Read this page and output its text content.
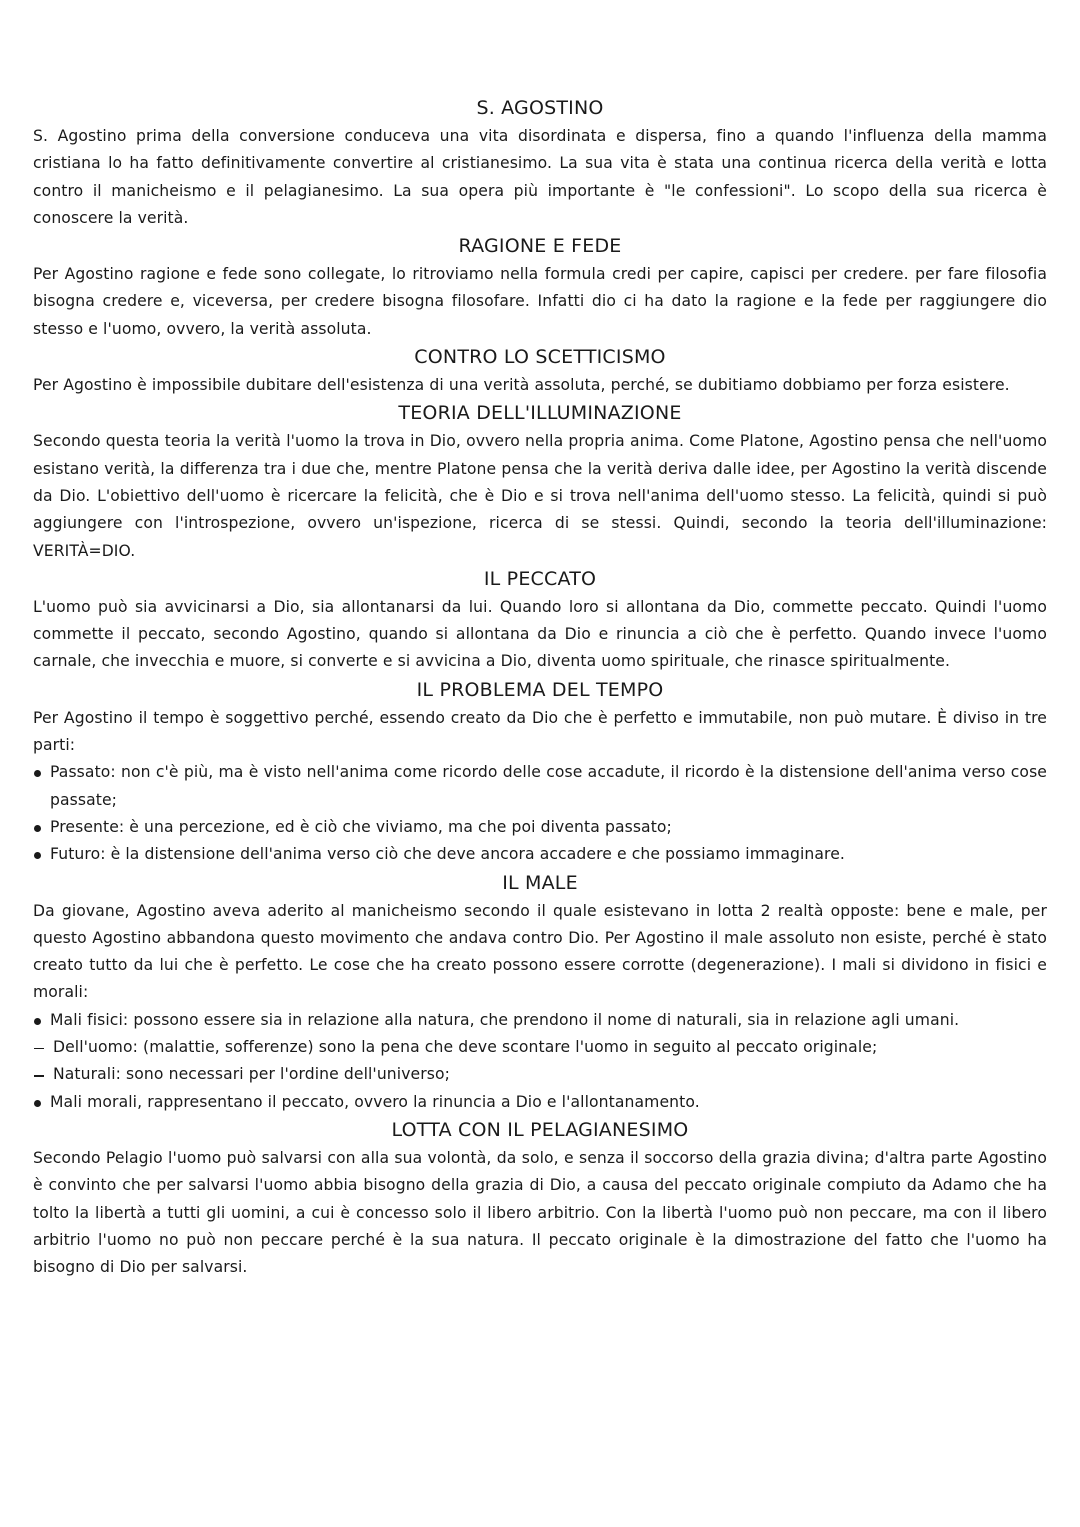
S. AGOSTINO

S. Agostino prima della conversione conduceva una vita disordinata e dispersa, fino a quando l'influenza della mamma cristiana lo ha fatto definitivamente convertire al cristianesimo. La sua vita è stata una continua ricerca della verità e lotta contro il manicheismo e il pelagianesimo. La sua opera più importante è "le confessioni". Lo scopo della sua ricerca è conoscere la verità.

RAGIONE E FEDE

Per Agostino ragione e fede sono collegate, lo ritroviamo nella formula credi per capire, capisci per credere. per fare filosofia bisogna credere e, viceversa, per credere bisogna filosofare. Infatti dio ci ha dato la ragione e la fede per raggiungere dio stesso e l'uomo, ovvero, la verità assoluta.

CONTRO LO SCETTICISMO

Per Agostino è impossibile dubitare dell'esistenza di una verità assoluta, perché, se dubitiamo dobbiamo per forza esistere.

TEORIA DELL'ILLUMINAZIONE

Secondo questa teoria la verità l'uomo la trova in Dio, ovvero nella propria anima. Come Platone, Agostino pensa che nell'uomo esistano verità, la differenza tra i due che, mentre Platone pensa che la verità deriva dalle idee, per Agostino la verità discende da Dio. L'obiettivo dell'uomo è ricercare la felicità, che è Dio e si trova nell'anima dell'uomo stesso. La felicità, quindi si può aggiungere con l'introspezione, ovvero un'ispezione, ricerca di se stessi. Quindi, secondo la teoria dell'illuminazione: VERITÀ=DIO.

IL PECCATO

L'uomo può sia avvicinarsi a Dio, sia allontanarsi da lui. Quando loro si allontana da Dio, commette peccato. Quindi l'uomo commette il peccato, secondo Agostino, quando si allontana da Dio e rinuncia a ciò che è perfetto. Quando invece l'uomo carnale, che invecchia e muore, si converte e si avvicina a Dio, diventa uomo spirituale, che rinasce spiritualmente.

IL PROBLEMA DEL TEMPO

Per Agostino il tempo è soggettivo perché, essendo creato da Dio che è perfetto e immutabile, non può mutare. È diviso in tre parti:

Passato: non c'è più, ma è visto nell'anima come ricordo delle cose accadute, il ricordo è la distensione dell'anima verso cose passate;
Presente: è una percezione, ed è ciò che viviamo, ma che poi diventa passato;
Futuro: è la distensione dell'anima verso ciò che deve ancora accadere e che possiamo immaginare.
IL MALE

Da giovane, Agostino aveva aderito al manicheismo secondo il quale esistevano in lotta 2 realtà opposte: bene e male, per questo Agostino abbandona questo movimento che andava contro Dio. Per Agostino il male assoluto non esiste, perché è stato creato tutto da lui che è perfetto. Le cose che ha creato possono essere corrotte (degenerazione). I mali si dividono in fisici e morali:

Mali fisici: possono essere sia in relazione alla natura, che prendono il nome di naturali, sia in relazione agli umani.
Dell'uomo: (malattie, sofferenze) sono la pena che deve scontare l'uomo in seguito al peccato originale;
Naturali: sono necessari per l'ordine dell'universo;
Mali morali, rappresentano il peccato, ovvero la rinuncia a Dio e l'allontanamento.
LOTTA CON IL PELAGIANESIMO

Secondo Pelagio l'uomo può salvarsi con alla sua volontà, da solo, e senza il soccorso della grazia divina; d'altra parte Agostino è convinto che per salvarsi l'uomo abbia bisogno della grazia di Dio, a causa del peccato originale compiuto da Adamo che ha tolto la libertà a tutti gli uomini, a cui è concesso solo il libero arbitrio. Con la libertà l'uomo può non peccare, ma con il libero arbitrio l'uomo no può non peccare perché è la sua natura. Il peccato originale è la dimostrazione del fatto che l'uomo ha bisogno di Dio per salvarsi.
